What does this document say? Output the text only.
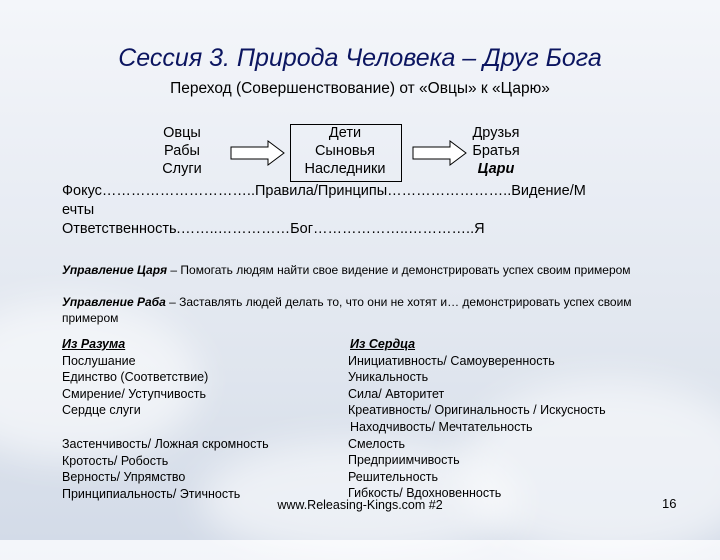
Сессия 3. Природа Человека – Друг Бога
Переход (Совершенствование) от «Овцы» к «Царю»
Овцы
Рабы
Слуги
Дети
Сыновья
Наследники
Друзья
Братья
Цари
Фокус…………………………..Правила/Принципы……………………..Видение/М
ечты
Ответственность.……..……………Бог………………..…………..Я
Управление Царя – Помогать людям найти свое видение и демонстрировать успех своим примером
Управление Раба – Заставлять людей делать то, что они не хотят и… демонстрировать успех своим примером
Из Разума
Послушание
Единство (Соответствие)
Смирение/ Уступчивость
Сердце слуги
Застенчивость/ Ложная скромность
Кротость/ Робость
Верность/ Упрямство
Принципиальность/ Этичность
Из Сердца
Инициативность/ Самоуверенность
Уникальность
Сила/ Авторитет
Креативность/ Оригинальность / Искусность
Находчивость/ Мечтательность
Смелость
Предприимчивость
Решительность
Гибкость/ Вдохновенность
www.Releasing-Kings.com #2	16
